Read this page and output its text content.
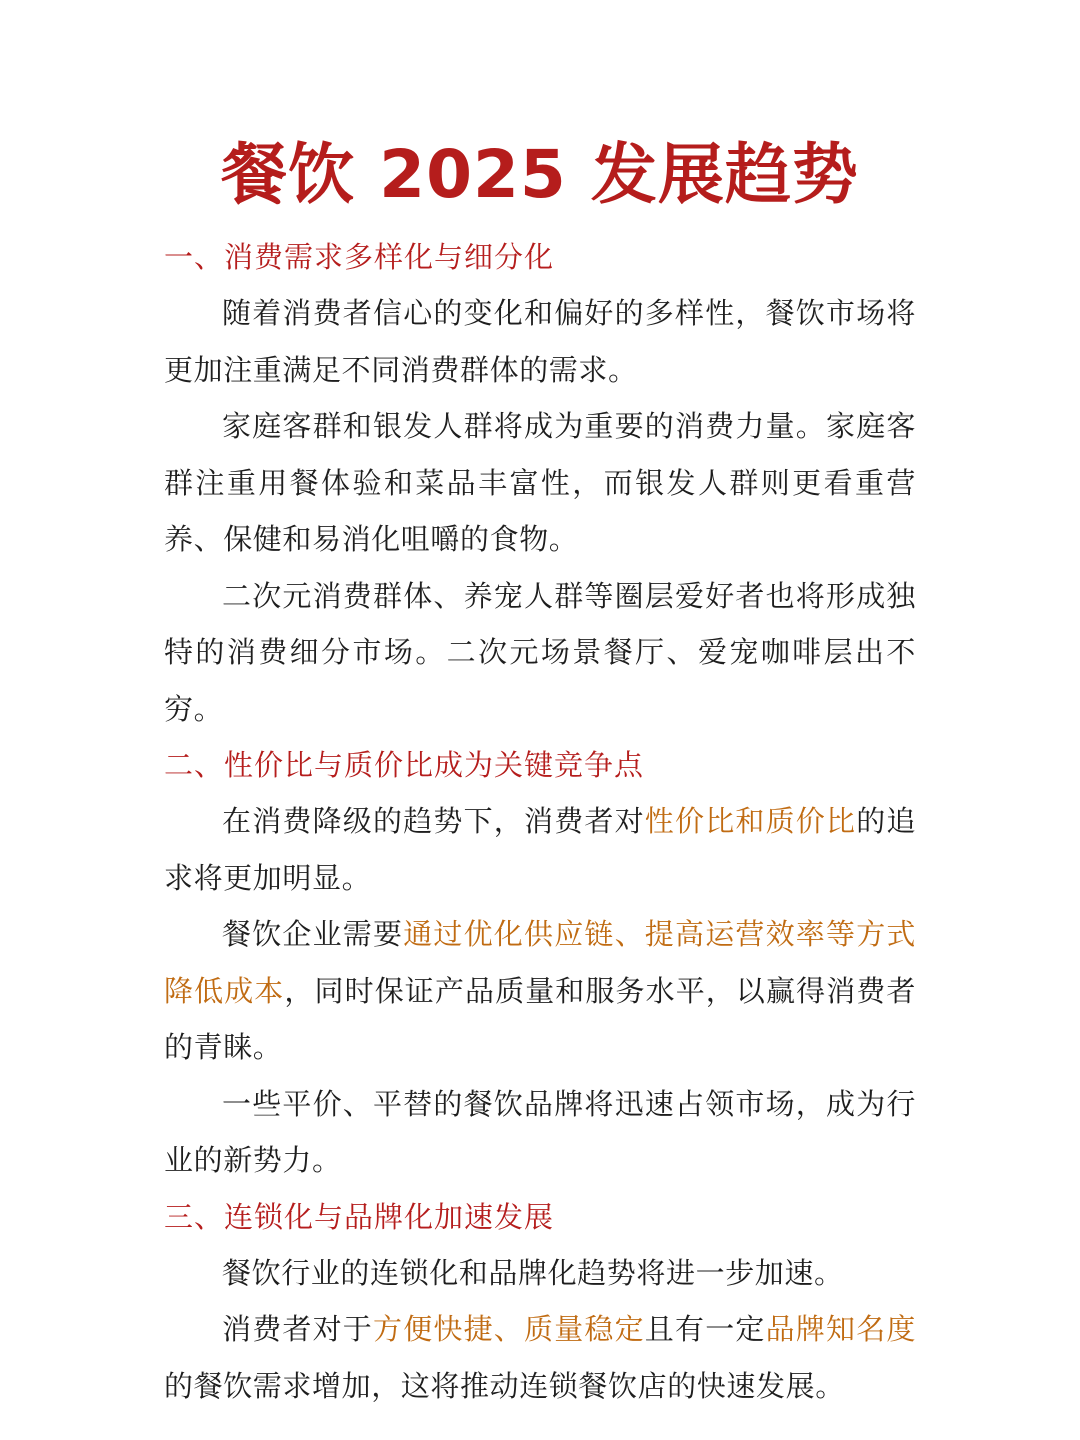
餐饮 2025 发展趋势
一、消费需求多样化与细分化

随着消费者信心的变化和偏好的多样性，餐饮市场将更加注重满足不同消费群体的需求。

家庭客群和银发人群将成为重要的消费力量。家庭客群注重用餐体验和菜品丰富性，而银发人群则更看重营养、保健和易消化咀嚼的食物。

二次元消费群体、养宠人群等圈层爱好者也将形成独特的消费细分市场。二次元场景餐厅、爱宠咖啡层出不穷。

二、性价比与质价比成为关键竞争点

在消费降级的趋势下，消费者对性价比和质价比的追求将更加明显。

餐饮企业需要通过优化供应链、提高运营效率等方式降低成本，同时保证产品质量和服务水平，以赢得消费者的青睐。

一些平价、平替的餐饮品牌将迅速占领市场，成为行业的新势力。

三、连锁化与品牌化加速发展

餐饮行业的连锁化和品牌化趋势将进一步加速。

消费者对于方便快捷、质量稳定且有一定品牌知名度的餐饮需求增加，这将推动连锁餐饮店的快速发展。
